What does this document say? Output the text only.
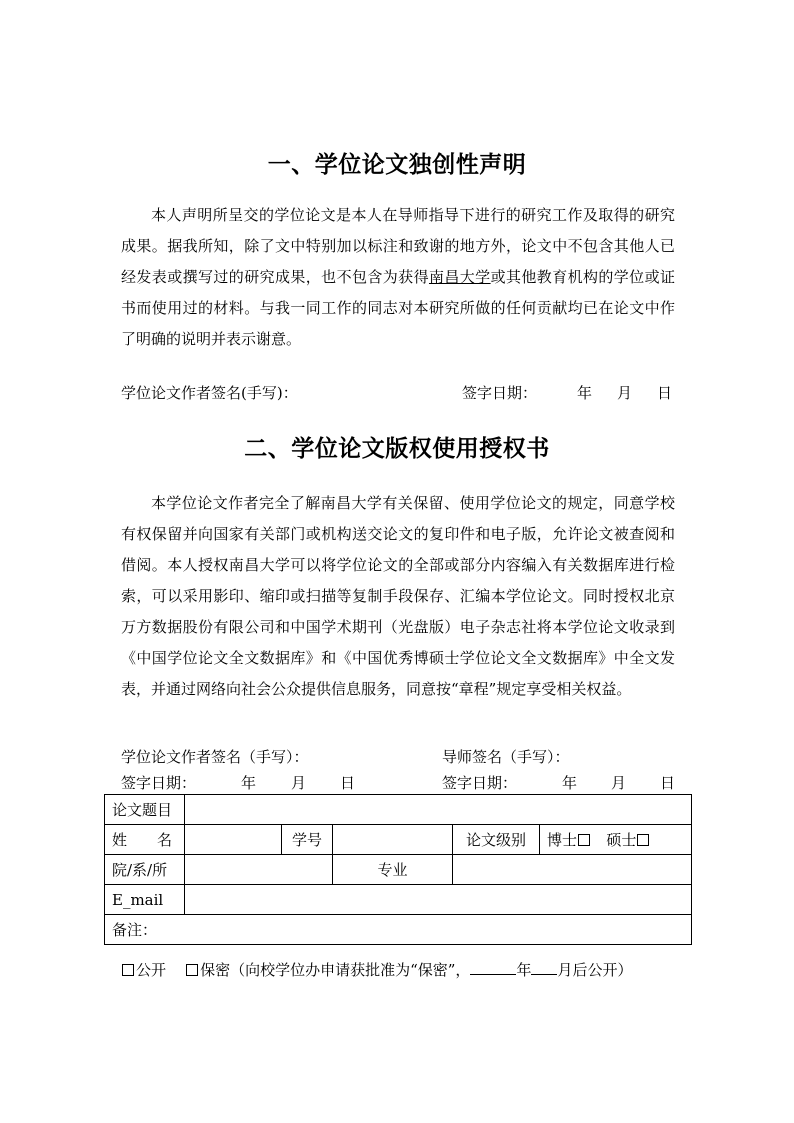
一、学位论文独创性声明

本人声明所呈交的学位论文是本人在导师指导下进行的研究工作及取得的研究成果。据我所知，除了文中特别加以标注和致谢的地方外，论文中不包含其他人已经发表或撰写过的研究成果，也不包含为获得南昌大学或其他教育机构的学位或证书而使用过的材料。与我一同工作的同志对本研究所做的任何贡献均已在论文中作了明确的说明并表示谢意。

学位论文作者签名(手写)：	签字日期：	年 月 日
二、学位论文版权使用授权书

本学位论文作者完全了解南昌大学有关保留、使用学位论文的规定，同意学校有权保留并向国家有关部门或机构送交论文的复印件和电子版，允许论文被查阅和借阅。本人授权南昌大学可以将学位论文的全部或部分内容编入有关数据库进行检索，可以采用影印、缩印或扫描等复制手段保存、汇编本学位论文。同时授权北京万方数据股份有限公司和中国学术期刊（光盘版）电子杂志社将本学位论文收录到《中国学位论文全文数据库》和《中国优秀博硕士学位论文全文数据库》中全文发表，并通过网络向社会公众提供信息服务，同意按“章程”规定享受相关权益。

学位论文作者签名（手写）：	导师签名（手写）：
签字日期：	年 月 日	签字日期：	年 月 日
论文题目					
姓　　名		学号		论文级别	博士 硕士
院/系/所			专业		
E_mail					
备注：					
公开 保密（向校学位办申请获批准为“保密”，	年 月后公开）
